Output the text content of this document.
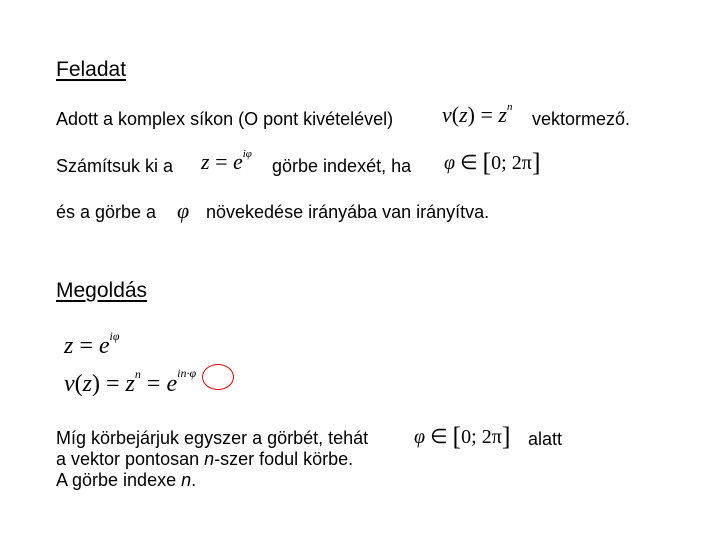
Feladat
Adott a komplex síkon (O pont kivételével) $v(z) = z^n$
vektormező.
Számítsuk ki a $z = e^{i\varphi}$
görbe indexét, ha φ ∈ [0; 2π]
és a görbe a φ növekedése irányába van irányítva.
Megoldás
$z = e^{i\varphi}$
$v(z) = z^n = e^{in\cdot\varphi}$
Míg körbejárjuk egyszer a görbét, tehát
a vektor pontosan n-szer fodul körbe.
A görbe indexe n.
φ ∈ [0; 2π] alatt
